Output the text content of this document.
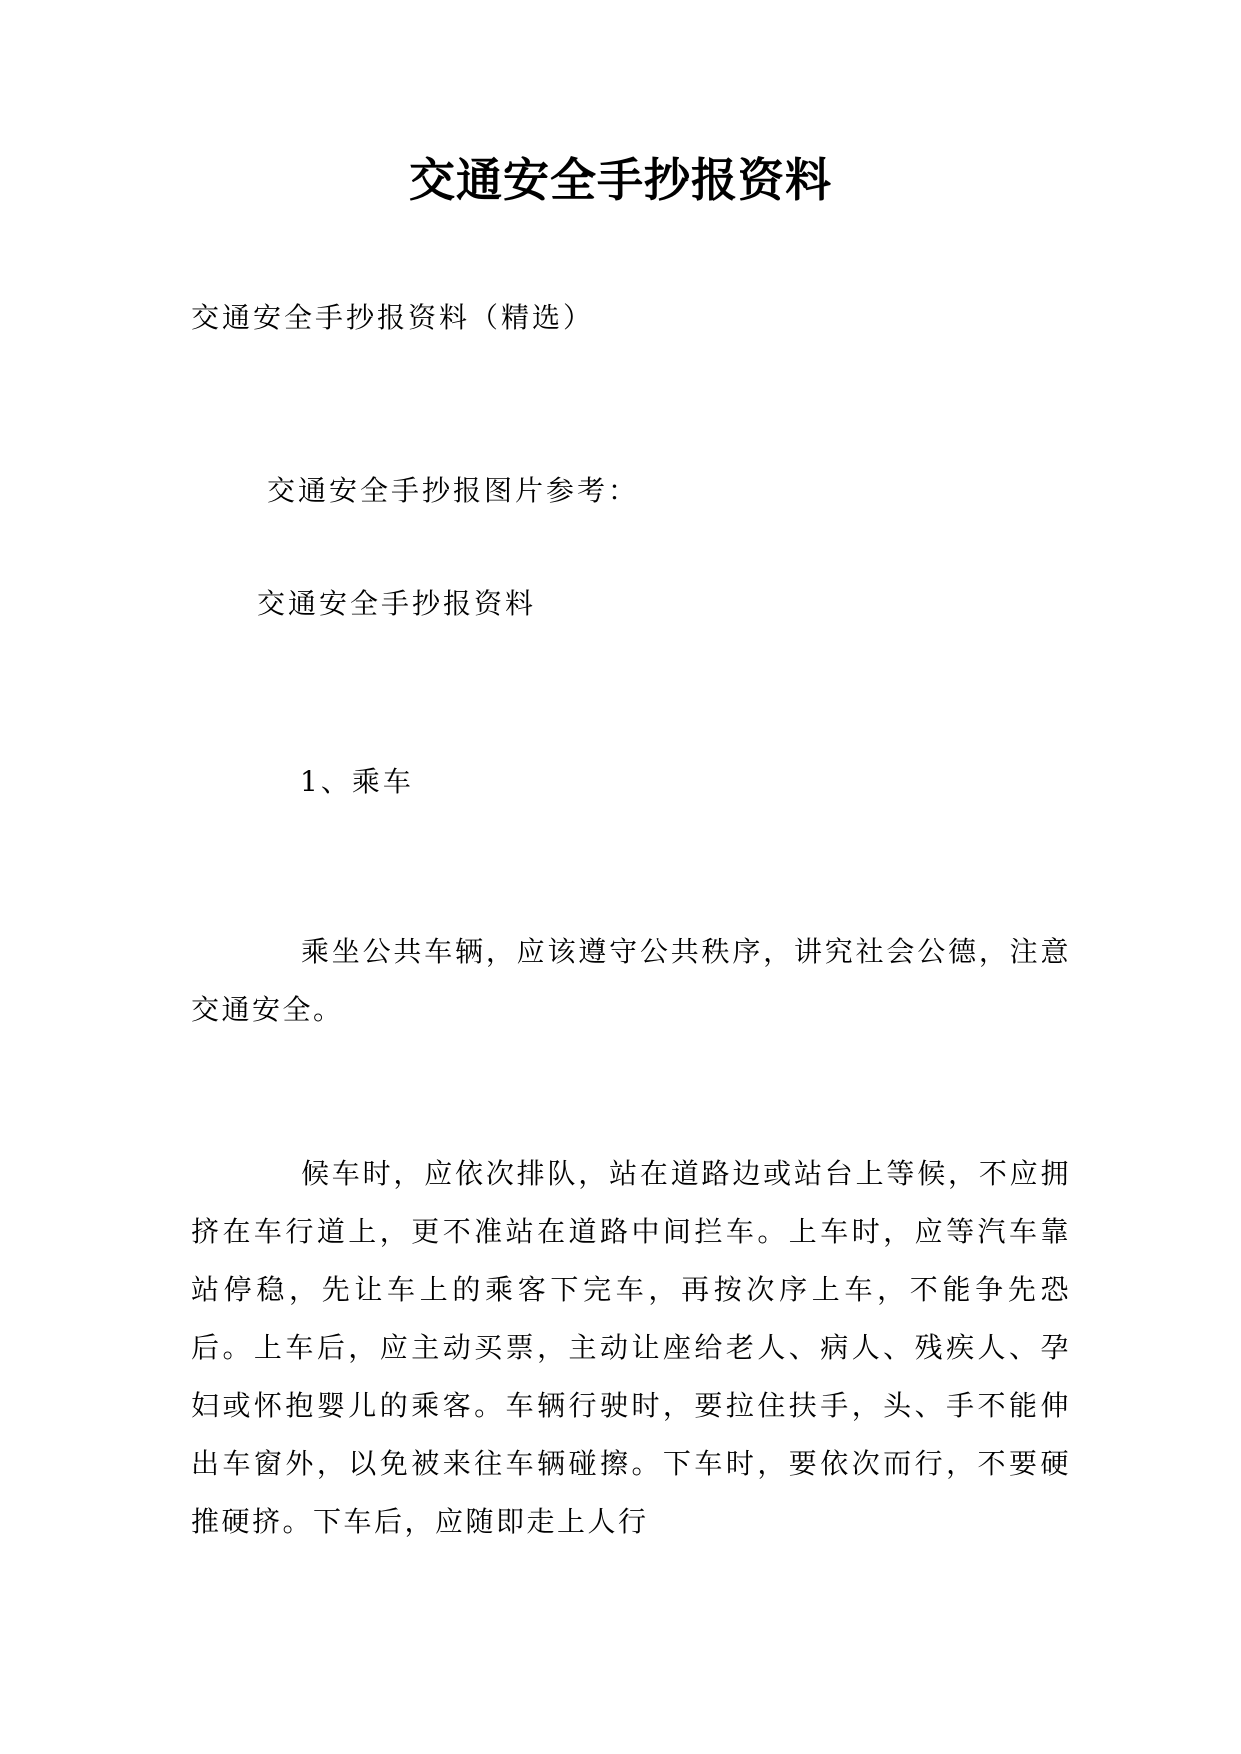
交通安全手抄报资料
交通安全手抄报资料（精选）
交通安全手抄报图片参考：
交通安全手抄报资料
1、乘车

乘坐公共车辆，应该遵守公共秩序，讲究社会公德，注意交通安全。

候车时，应依次排队，站在道路边或站台上等候，不应拥挤在车行道上，更不准站在道路中间拦车。上车时，应等汽车靠站停稳，先让车上的乘客下完车，再按次序上车，不能争先恐后。上车后，应主动买票，主动让座给老人、病人、残疾人、孕妇或怀抱婴儿的乘客。车辆行驶时，要拉住扶手，头、手不能伸出车窗外，以免被来往车辆碰擦。下车时，要依次而行，不要硬推硬挤。下车后，应随即走上人行
